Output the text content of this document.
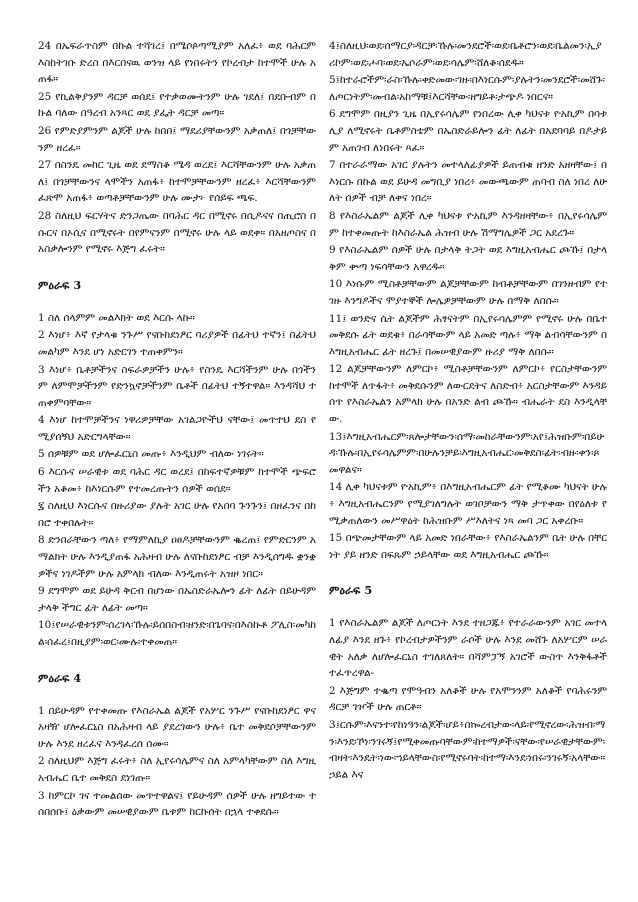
24 በኤፍራጥስም በኩል ተሻገረ፤ በሜሶጶጣሚያም አለፈ፥ ወደ ባሕርም እስከትገቡ ድረስ በእርበናዉ ወንዝ ላይ የነበሩትን የኮረብታ ከተሞች ሁሉ አጠፋ።

25 የኪልቅያንም ዳርቻ ወሰደ፤ የተቃወሙትንም ሁሉ ገደለ፤ በደቡብም በኩል ባለው በዓረብ አንጻር ወደ ያፌት ዳርቻ መጣ።

26 የምድያምንም ልጆች ሁሉ ከበበ፤ ማደሪያቸውንም አቃጠለ፤ በጎቻቸውንም ዘረፈ።

27 በስንዴ መከር ጊዜ ወደ ደማስቆ ሜዳ ወረደ፤ እርሻቸውንም ሁሉ አቃጠለ፤ በጎቻቸውንና ላሞችን አጠፋ፥ ከተሞቻቸውንም ዘረፈ፥ እርሻቸውንም ፈጽሞ አጠፋ፥ ወጣቶቻቸውንም ሁሉ ሙታ፦ የሰይፍ ጫፍ.

28 ስለዚህ ፍርሃትና ድንጋጤው በባሕር ዳር በሚኖሩ በሲዶናና በጢሮስ በሱርና በኦሲና በሚኖሩት በየምናንም በሚኖሩ ሁሉ ላይ ወደቀ። በአዘጦስና በአስቃሎንም የሚኖሩ እጅግ ፈሩት።

ምዕራፍ 3

1 ስለ ሰላምም መልእክት ወደ እርሱ ላኩ።

2 እነሆ፥ እኛ የታላቁ ንጉሥ የናቡከደነፆር ባሪያዎች በፊትህ ተኛን፤ በፊትህ መልካም እንደ ሆነ አድርገን ተጠቀምን።

3 እነሆ፥ ቤቶቻችንና ስፍራዎቻችን ሁሉ፥ የስንዴ እርሻችንም ሁሉ በጎችንም ለምሞቻችንም የድንኳኖቻችንም ቤቶች በፊትህ ተኝተዋል። እንዳሻህ ተጠቀምባቸው።

4 እነሆ ከተሞቻችንና ነዋሪዎቻቸው አገልጋዮችህ ናቸው፤ መጥተህ ደስ የሚያሰኝህ አድርግላቸው።

5 ሰዎቹም ወደ ሆሎፈርኒስ መጡ፥ እንዲህም ብለው ነገሩት።

6 እርሱና ሠራዊቱ ወደ ባሕር ዳር ወረደ፤ በከፍተኛዎቹም ከተሞች ጭፍሮችን አቆመ፥ ከእነርሱም የተመረጡትን ሰዎች ወሰደ።

፯ ስለዚህ እነርሱና በዙሪያው ያሉት አገር ሁሉ የአበባ ጉንጉን፤ በዘፈንና በከበሮ ተቀበሉት።

8 ድንበራቸውን ጣለ፥ የማምለኪያ ዐፀዶቻቸውንም ቈረጠ፤ የምድርንም አማልክት ሁሉ እንዲያጠፋ አሕዛብ ሁሉ ለናቡከደነፆር ብቻ እንዲሰግዱ ቋንቋዎችና ነገዶችም ሁሉ አምላክ ብለው እንዲጠሩት አዝዞ ነበር።

9 ደግሞም ወደ ይሁዳ ቅርብ በሆነው በኤስድራኤሎን ፊት ለፊት በይሁዳም ታላቅ ችግር ፊት ለፊት መጣ።

10፤የሠራዊቱንም፡ሰረገላ፡ኹሉ፡ይሰበስብ፡ዘንድ፡በጌባና፡በእስኩቶ ፖሊስ፡መካከል፡ሰፈረ፤በዚያም፡ወር፡ሙሉ፡ተቀመጠ።

ምዕራፍ 4

1 በይሁዳም የተቀመጡ የእስራኤል ልጆች የአሦር ንጉሥ የናቡከደነፆር ዋና አዛዥ ሆሎፈርኒስ በአሕዛብ ላይ ያደረገውን ሁሉ፥ ቤተ መቅደሶቻቸውንም ሁሉ እንደ ዘረፈና እንዳፈረሰ ሰሙ።

2 ስለዚህም እጅግ ፈሩት፥ ስለ ኢየሩሳሌምና ስለ አምላካቸውም ስለ እግዚአብሔር ቤተ መቅደስ ደነገጡ።

3 ከምርኮ ገና ተመልሰው መጥተዋልና፤ የይሁዳም ሰዎች ሁሉ ዘግይተው ተሰበሰቡ፤ ዕቃውም መሠዊያውም ቤቱም ከርኩሰት በኋላ ተቀደሱ።

4፤ስለዚህ፡ወደ፡ሰማርያ፡ዳርቻ፡ኹሉ፡መንደሮች፡ወደ፡ቤቶሮን፡ወደ፡ቤልመን፡ኢያሪኮም፡ወደ፡ሖባ፡ወደ፡ኤሶራም፡ወደ፡ሳሌም፡ሸለቆ፡ሰደዱ።

5፤ከተራሮችም፡ራስ፡ኹሉ፡ቀድመው፡ገዙ፡በእነርሱም፡ያሉትን፡መንደሮች፡መሸጉ፡ለጦርነትም፡መብል፡አከማቹ፤እርሻቸው፡ዘግይቶ፡ታጭዶ ነበርና።

6 ደግሞም በዚያን ጊዜ በኢየሩሳሌም የነበረው ሊቀ ካህናቱ ዮአኪም በባቱሊያ ለሚኖሩት ቤቶምስቴም በኤስድራይሎን ፊት ለፊት በአደባባይ በዶታይም አጠገብ ለነበሩት ጻፈ።

7 በተራራማው አገር ያሉትን መተላለፊያዎች ይጠብቁ ዘንድ አዘዛቸው፤ በእነርሱ በኩል ወደ ይሁዳ መግቢያ ነበረ፥ መውጫውም ጠባብ ስለ ነበረ ለሁለት ሰዎች ብቻ ለቀና ነበረ።

8 የእስራኤልም ልጆች ሊቀ ካህናቱ ዮአኪም እንዳዘዛቸው፥ በኢየሩሳሌምም ከተቀመጡት ከእስራኤል ሕዝብ ሁሉ ሽማግሌዎች ጋር አደረጉ።

9 የእስራኤልም ሰዎች ሁሉ በታላቅ ትጋት ወደ እግዚአብሔር ጮኹ፤ በታላቅም ቍጣ ነፍሳቸውን አዋረዱ።

10 እነሱም ሚስቶቻቸውም ልጆቻቸውም ከብቶቻቸውም በገንዘብም የተገዙ እንግዶችና ሞያተኞች ሎሌዎቻቸውም ሁሉ በማቅ ለበሱ።

11፤ ወንድና ሴት ልጆችም ሕፃናትም በኢየሩሳሌምም የሚኖሩ ሁሉ በቤተ መቅደሱ ፊት ወደቁ፥ በራሳቸውም ላይ አመድ ጣሉ፥ ማቅ ልብሳቸውንም በእግዚአብሔር ፊት ዘረጉ፤ በመሠዊያውም ዙሪያ ማቅ ለበሱ።

12 ልጆቻቸውንም ለምርኮ፥ ሚስቶቻቸውንም ለምርኮ፥ የርስታቸውንም ከተሞች ለጥፋት፥ መቅደሱንም ለውርደትና ለስድብ፥ አርስታቸውም እንዳይሰጥ የእስራኤልን አምላክ ሁሉ በአንድ ልብ ጮኹ። ብሔራት ደስ እንዲላቸው.

13፤እግዚአብሔርም፡ጸሎታቸውን፡ሰማ፡መከራቸውንም፡አየ፤ሕዝቡም፡በይሁዳ፡ኹሉ፡በኢየሩሳሌምም፡በሁሉንቻይ፡እግዚአብሔር፡መቅደስ፡ፊት፡ብዙ፡ቀን፡ጾመዋልና።

14 ሊቀ ካህናቱም ዮአኪም፥ በእግዚአብሔርም ፊት የሚቆሙ ካህናት ሁሉ፥ እግዚአብሔርንም የሚያገለግሉት ወገቦቻውን ማቅ ታጥቀው በየዕለቱ የሚቃጠለውን መሥዋዕት ከሕዝቡም ሥእለትና ነጻ መባ ጋር አቀረቡ።

15 በጭመታቸውም ላይ አመድ ነበራቸው፥ የእስራኤልንም ቤት ሁሉ በቸርነት ያይ ዘንድ በፍጹም ኃይላቸው ወደ እግዚአብሔር ጮኹ።

ምዕራፍ 5

1 የእስራኤልም ልጆች ለጦርነት እንደ ተዘጋጁ፥ የተራራውንም አገር መተላለፊያ እንደ ዘጉ፥ የኮረብታዎችንም ራሶች ሁሉ እንደ መሸጉ ለአሦርም ሠራዊት አለቃ ለሆሎፈርኒስ ተገለጸለት። በሻምፓኝ አገሮች ውስጥ እንቅፋቶች ተፈጥረዋል-

2 እጅግም ተቈጣ የሞዓብን አለቆች ሁሉ የአሞንንም አለቆች የባሕሩንም ዳርቻ ገዦች ሁሉ ጠርቶ።

3፤ርሱም፡እናንተ፡የከነዓን፡ልጆች፡ሆይ፥በኰረብታው፡ላይ፡የሚኖረው፡ሕዝብ፡ማን፡እንደ፡ኾነ፡ንገሩኝ፤የሚቀመጡባቸውም፡ከተማዎች፡ናቸው፡የሠራዊታቸውም፡ብዛት፡እንዴት፡ነው፡ኀይላቸውስ፡የሚኖሩባት፡ከተማ፡እንደ፡ነበሩ፡ንገሩኝ፡አላቸው። ኃይል እና
